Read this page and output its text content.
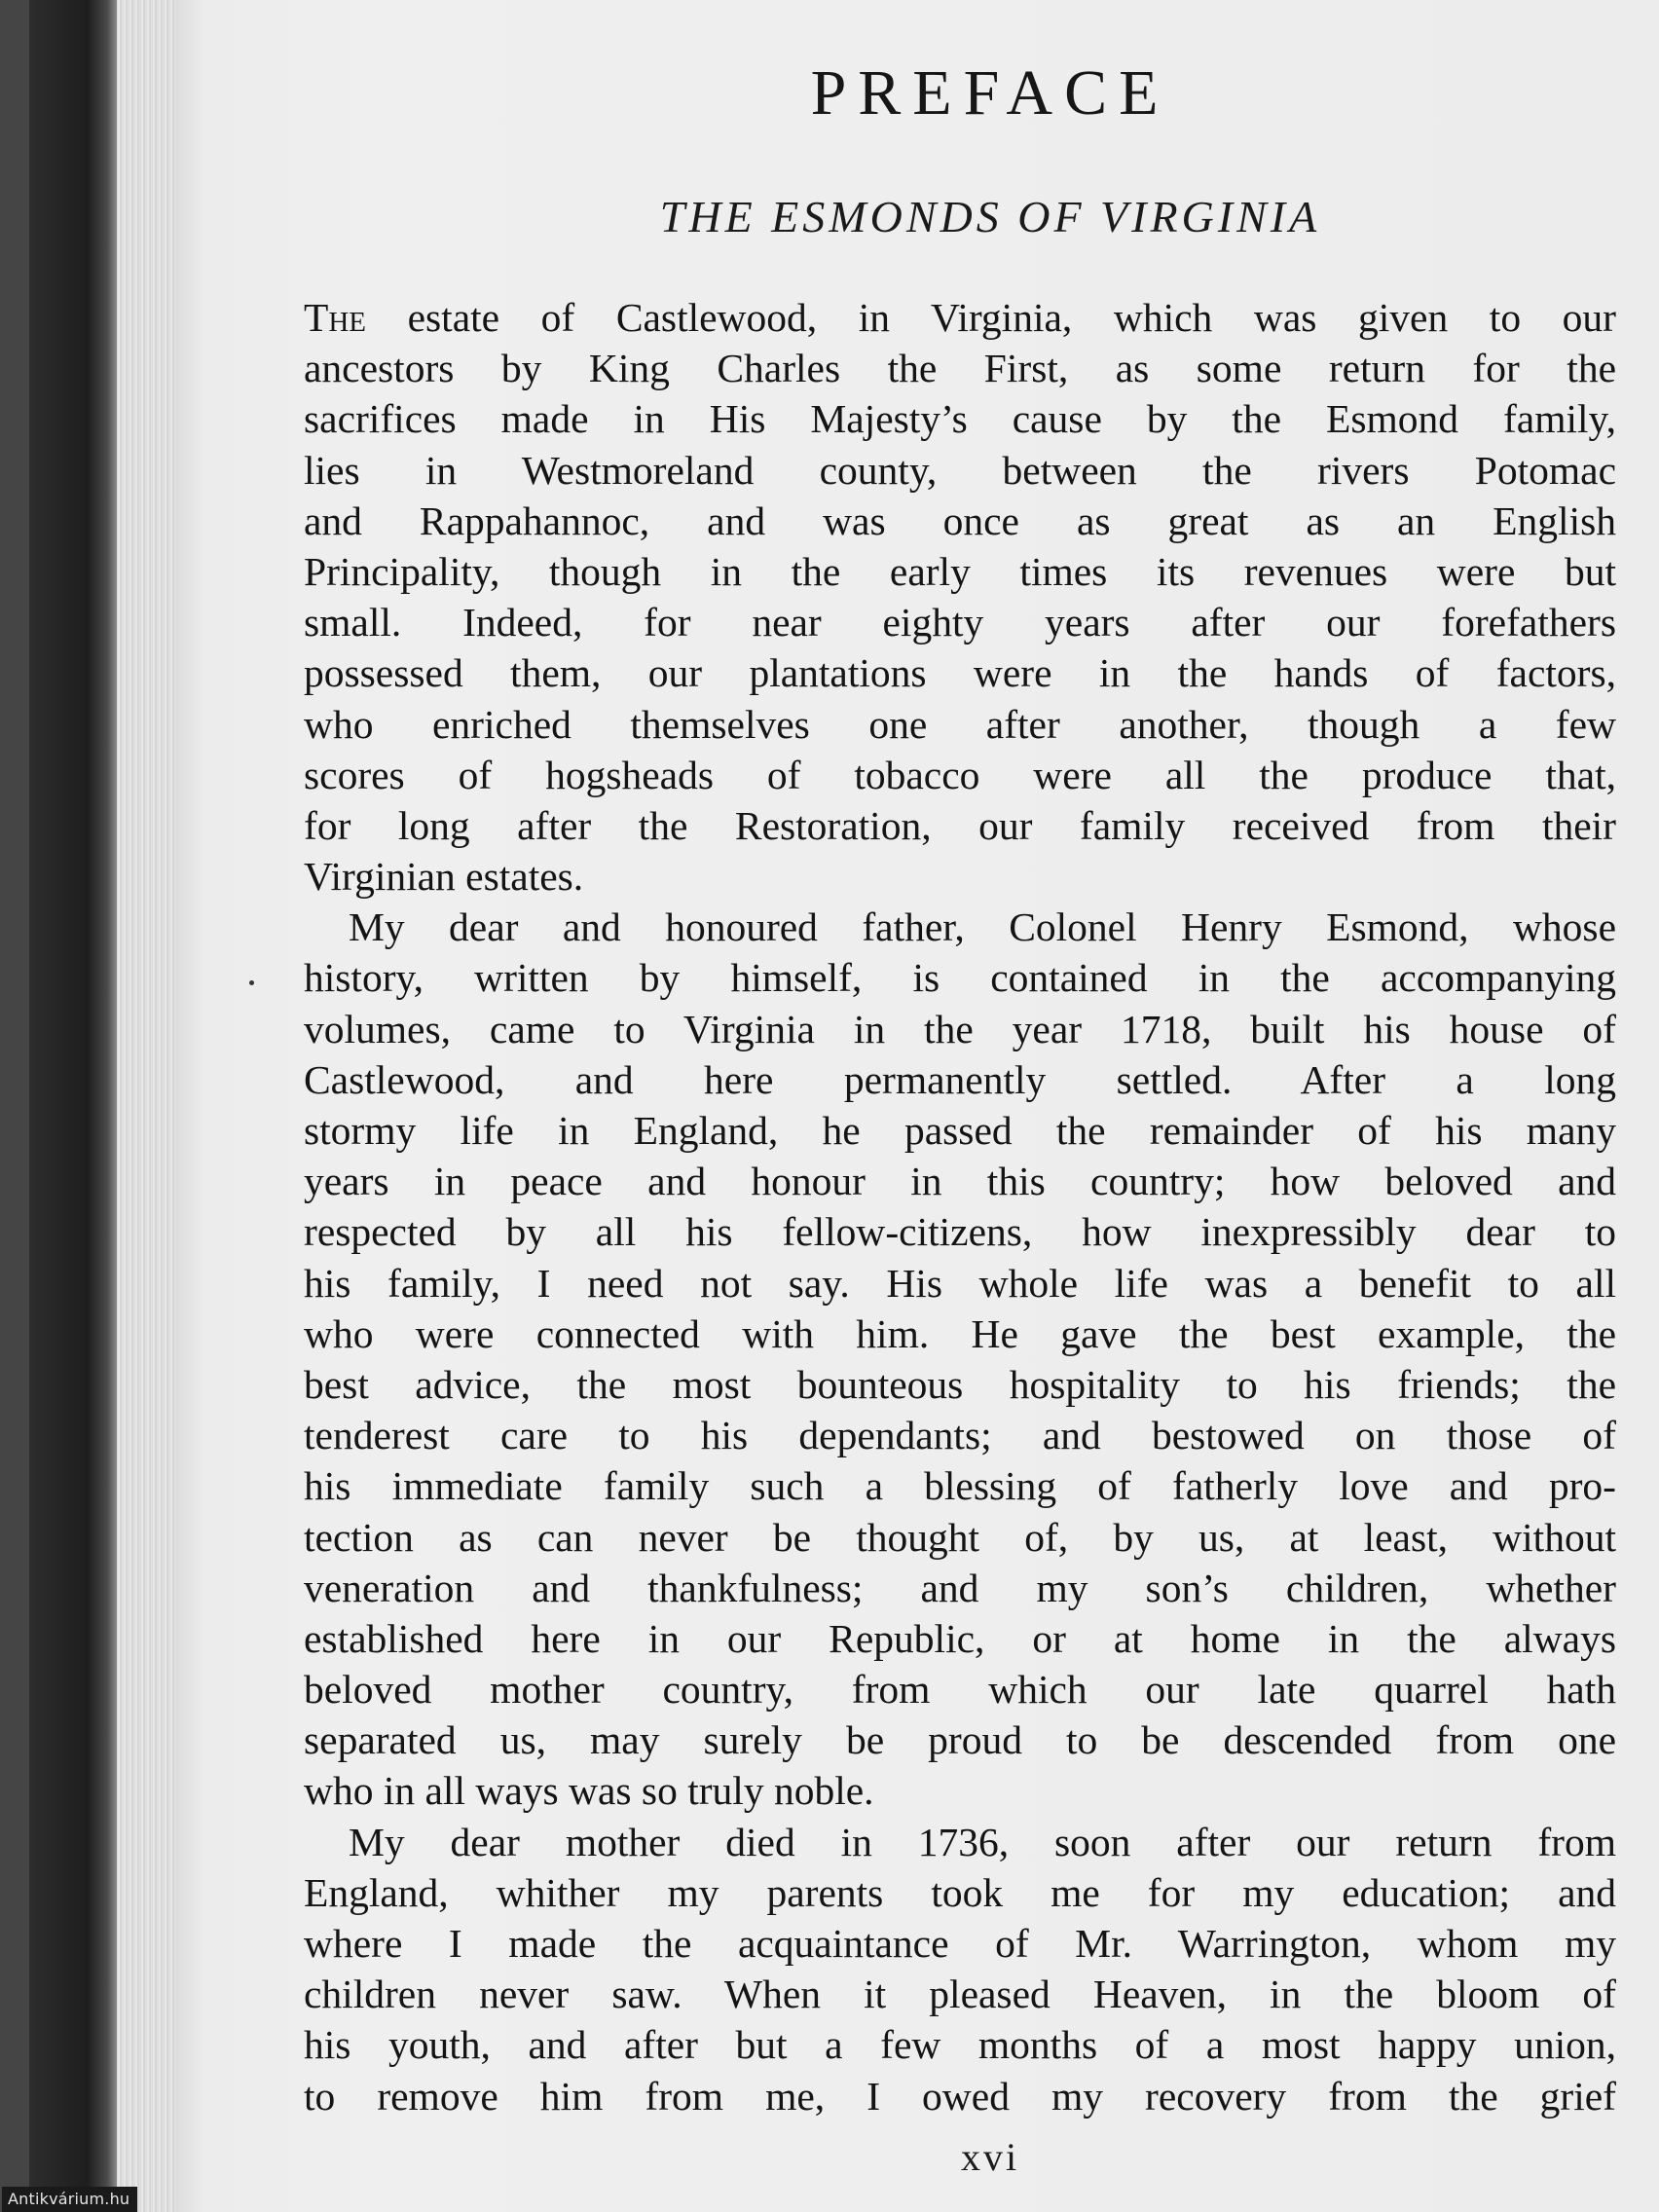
PREFACE
THE ESMONDS OF VIRGINIA
The estate of Castlewood, in Virginia, which was given to our
ancestors by King Charles the First, as some return for the
sacrifices made in His Majesty’s cause by the Esmond family,
lies in Westmoreland county, between the rivers Potomac
and Rappahannoc, and was once as great as an English
Principality, though in the early times its revenues were but
small. Indeed, for near eighty years after our forefathers
possessed them, our plantations were in the hands of factors,
who enriched themselves one after another, though a few
scores of hogsheads of tobacco were all the produce that,
for long after the Restoration, our family received from their
Virginian estates.
My dear and honoured father, Colonel Henry Esmond, whose
history, written by himself, is contained in the accompanying
volumes, came to Virginia in the year 1718, built his house of
Castlewood, and here permanently settled. After a long
stormy life in England, he passed the remainder of his many
years in peace and honour in this country; how beloved and
respected by all his fellow-citizens, how inexpressibly dear to
his family, I need not say. His whole life was a benefit to all
who were connected with him. He gave the best example, the
best advice, the most bounteous hospitality to his friends; the
tenderest care to his dependants; and bestowed on those of
his immediate family such a blessing of fatherly love and pro-
tection as can never be thought of, by us, at least, without
veneration and thankfulness; and my son’s children, whether
established here in our Republic, or at home in the always
beloved mother country, from which our late quarrel hath
separated us, may surely be proud to be descended from one
who in all ways was so truly noble.
My dear mother died in 1736, soon after our return from
England, whither my parents took me for my education; and
where I made the acquaintance of Mr. Warrington, whom my
children never saw. When it pleased Heaven, in the bloom of
his youth, and after but a few months of a most happy union,
to remove him from me, I owed my recovery from the grief
xvi
Antikvárium.hu
